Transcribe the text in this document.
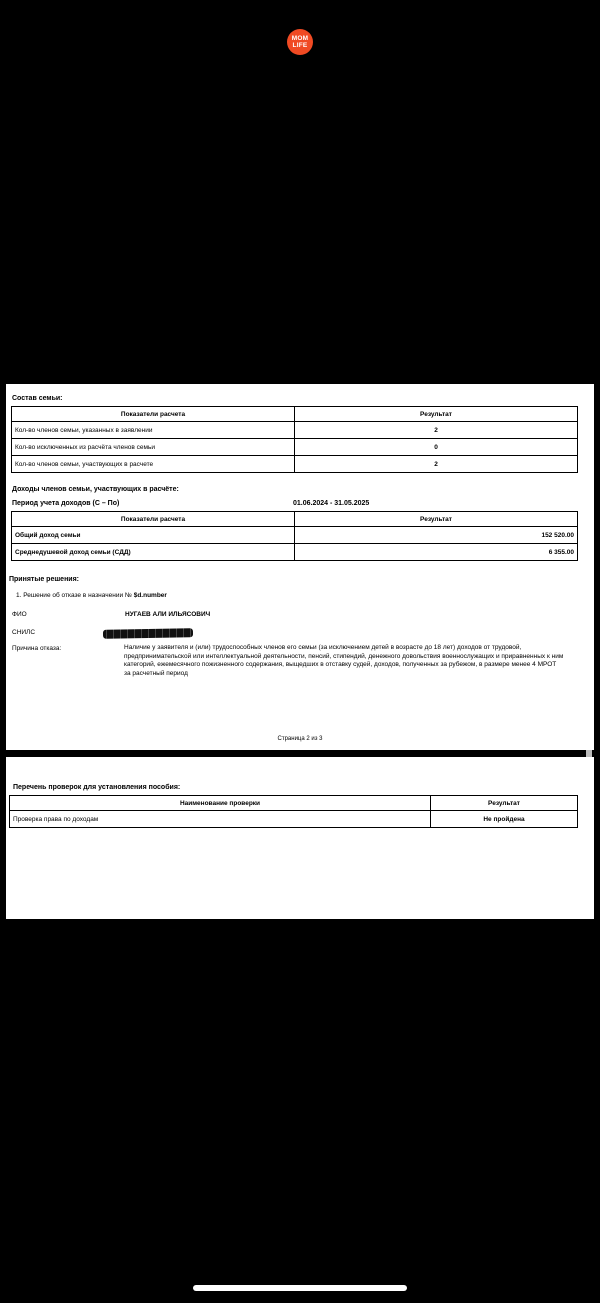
MOM
LIFE
Состав семьи:
Показатели расчета	Результат
Кол-во членов семьи, указанных в заявлении	2
Кол-во исключенных из расчёта членов семьи	0
Кол-во членов семьи, участвующих в расчете	2
Доходы членов семьи, участвующих в расчёте:
Период учета доходов (С – По)	01.06.2024 - 31.05.2025
Показатели расчета	Результат
Общий доход семьи	152 520.00
Среднедушевой доход семьи (СДД)	6 355.00
Принятые решения:
1. Решение об отказе в назначении № $d.number
ФИО	НУГАЕВ АЛИ ИЛЬЯСОВИЧ
СНИЛС
Причина отказа:	Наличие у заявителя и (или) трудоспособных членов его семьи (за исключением детей в возрасте до 18 лет) доходов от трудовой, предпринимательской или интеллектуальной деятельности, пенсий, стипендий, денежного довольствия военнослужащих и приравненных к ним категорий, ежемесячного пожизненного содержания, выщедших в отставку судей, доходов, полученных за рубежом, в размере менее 4 МРОТ за расчетный период
Страница 2 из 3
Перечень проверок для установления пособия:
Наименование проверки	Результат
Проверка права по доходам	Не пройдена
